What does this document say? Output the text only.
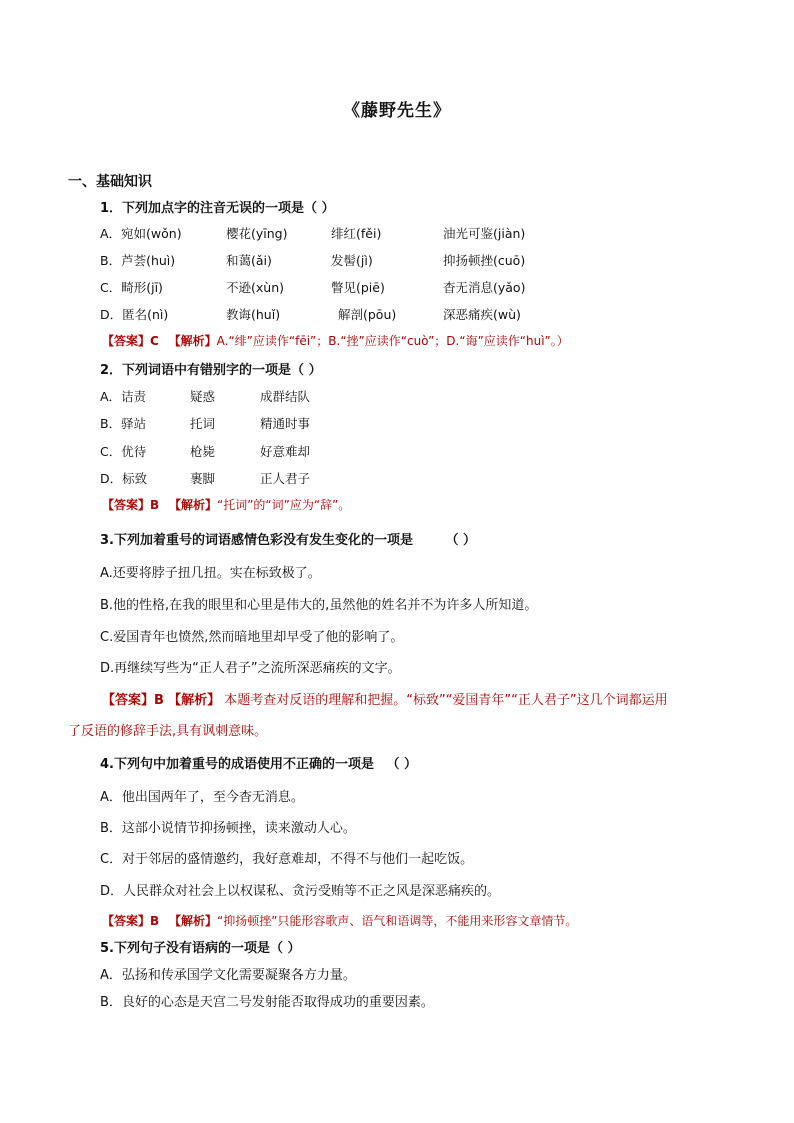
《藤野先生》
一、基础知识
1．下列加点字的注音无误的一项是（ ）
A．宛如(wǒn)	樱花(yīng)	绯红(fěi)	油光可鉴(jiàn)
B．芦荟(huì)	和蔼(ǎi)	发髻(jì)	抑扬顿挫(cuō)
C．畸形(jī)	不逊(xùn)	瞥见(piē)	杳无消息(yǎo)
D．匿名(nì)	教诲(huǐ)	解剖(pōu)	深恶痛疾(wù)
【答案】C 【解析】A.“绯”应读作“fēi”；B.“挫”应读作“cuò”；D.“诲”应读作“huì”。）
2．下列词语中有错别字的一项是（ ）
A．诘责	疑惑	成群结队
B．驿站	托词	精通时事
C．优待	枪毙	好意难却
D．标致	裹脚	正人君子
【答案】B 【解析】“托词”的“词”应为“辞”。
3.下列加着重号的词语感情色彩没有发生变化的一项是	（ ）
A.还要将脖子扭几扭。实在标致极了。
B.他的性格,在我的眼里和心里是伟大的,虽然他的姓名并不为许多人所知道。
C.爱国青年也愤然,然而暗地里却早受了他的影响了。
D.再继续写些为“正人君子”之流所深恶痛疾的文字。
【答案】B 【解析】 本题考查对反语的理解和把握。“标致”“爱国青年”“正人君子”这几个词都运用
了反语的修辞手法,具有讽刺意味。
4.下列句中加着重号的成语使用不正确的一项是 （ ）
A．他出国两年了，至今杳无消息。
B．这部小说情节抑扬顿挫，读来激动人心。
C．对于邻居的盛情邀约，我好意难却，不得不与他们一起吃饭。
D．人民群众对社会上以权谋私、贪污受贿等不正之风是深恶痛疾的。
【答案】B 【解析】“抑扬顿挫”只能形容歌声、语气和语调等，不能用来形容文章情节。
5.下列句子没有语病的一项是（ ）
A．弘扬和传承国学文化需要凝聚各方力量。
B．良好的心态是天宫二号发射能否取得成功的重要因素。
